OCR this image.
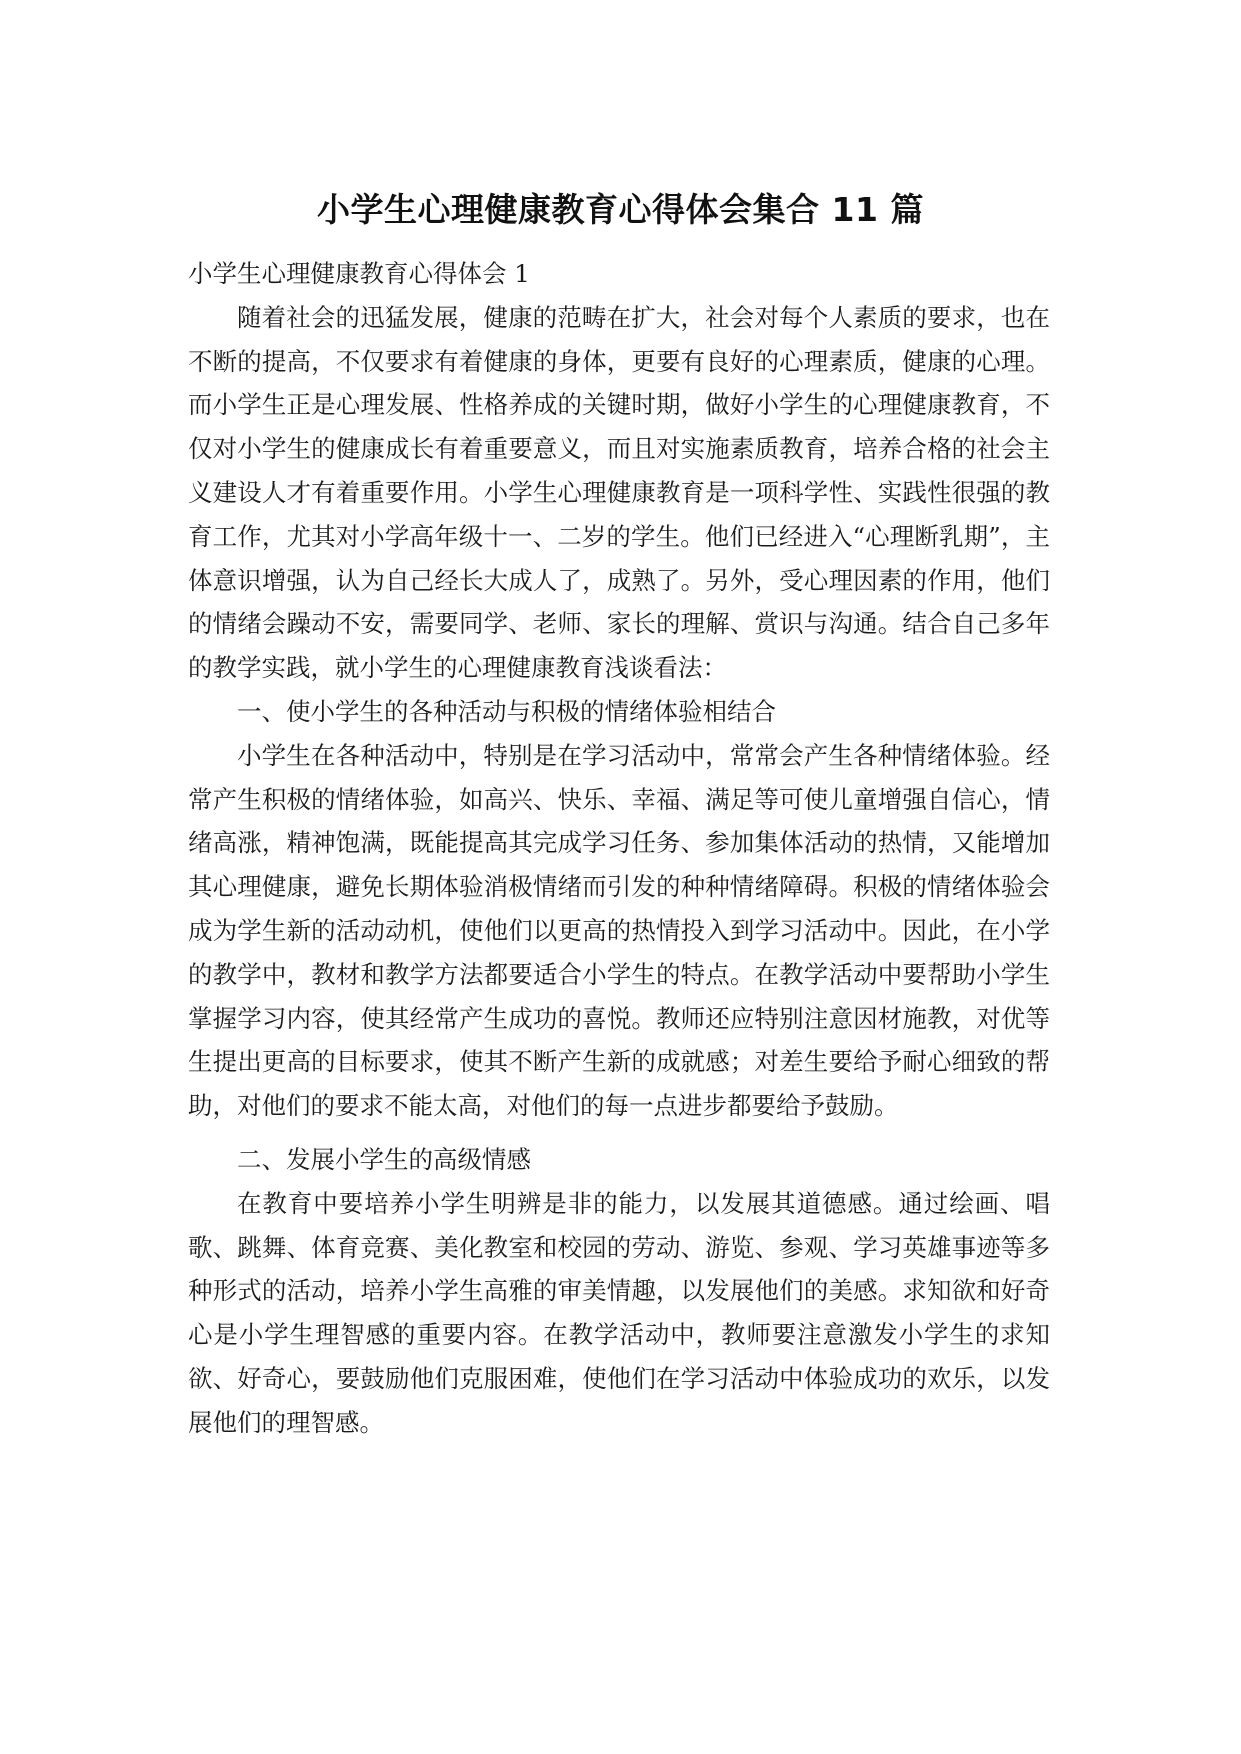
小学生心理健康教育心得体会集合 11 篇

小学生心理健康教育心得体会 1

随着社会的迅猛发展，健康的范畴在扩大，社会对每个人素质的要求，也在不断的提高，不仅要求有着健康的身体，更要有良好的心理素质，健康的心理。而小学生正是心理发展、性格养成的关键时期，做好小学生的心理健康教育，不仅对小学生的健康成长有着重要意义，而且对实施素质教育，培养合格的社会主义建设人才有着重要作用。小学生心理健康教育是一项科学性、实践性很强的教育工作，尤其对小学高年级十一、二岁的学生。他们已经进入“心理断乳期”，主体意识增强，认为自己经长大成人了，成熟了。另外，受心理因素的作用，他们的情绪会躁动不安，需要同学、老师、家长的理解、赏识与沟通。结合自己多年的教学实践，就小学生的心理健康教育浅谈看法：

一、使小学生的各种活动与积极的情绪体验相结合

小学生在各种活动中，特别是在学习活动中，常常会产生各种情绪体验。经常产生积极的情绪体验，如高兴、快乐、幸福、满足等可使儿童增强自信心，情绪高涨，精神饱满，既能提高其完成学习任务、参加集体活动的热情，又能增加其心理健康，避免长期体验消极情绪而引发的种种情绪障碍。积极的情绪体验会成为学生新的活动动机，使他们以更高的热情投入到学习活动中。因此，在小学的教学中，教材和教学方法都要适合小学生的特点。在教学活动中要帮助小学生掌握学习内容，使其经常产生成功的喜悦。教师还应特别注意因材施教，对优等生提出更高的目标要求，使其不断产生新的成就感；对差生要给予耐心细致的帮助，对他们的要求不能太高，对他们的每一点进步都要给予鼓励。

二、发展小学生的高级情感

在教育中要培养小学生明辨是非的能力，以发展其道德感。通过绘画、唱歌、跳舞、体育竞赛、美化教室和校园的劳动、游览、参观、学习英雄事迹等多种形式的活动，培养小学生高雅的审美情趣，以发展他们的美感。求知欲和好奇心是小学生理智感的重要内容。在教学活动中，教师要注意激发小学生的求知欲、好奇心，要鼓励他们克服困难，使他们在学习活动中体验成功的欢乐，以发展他们的理智感。
